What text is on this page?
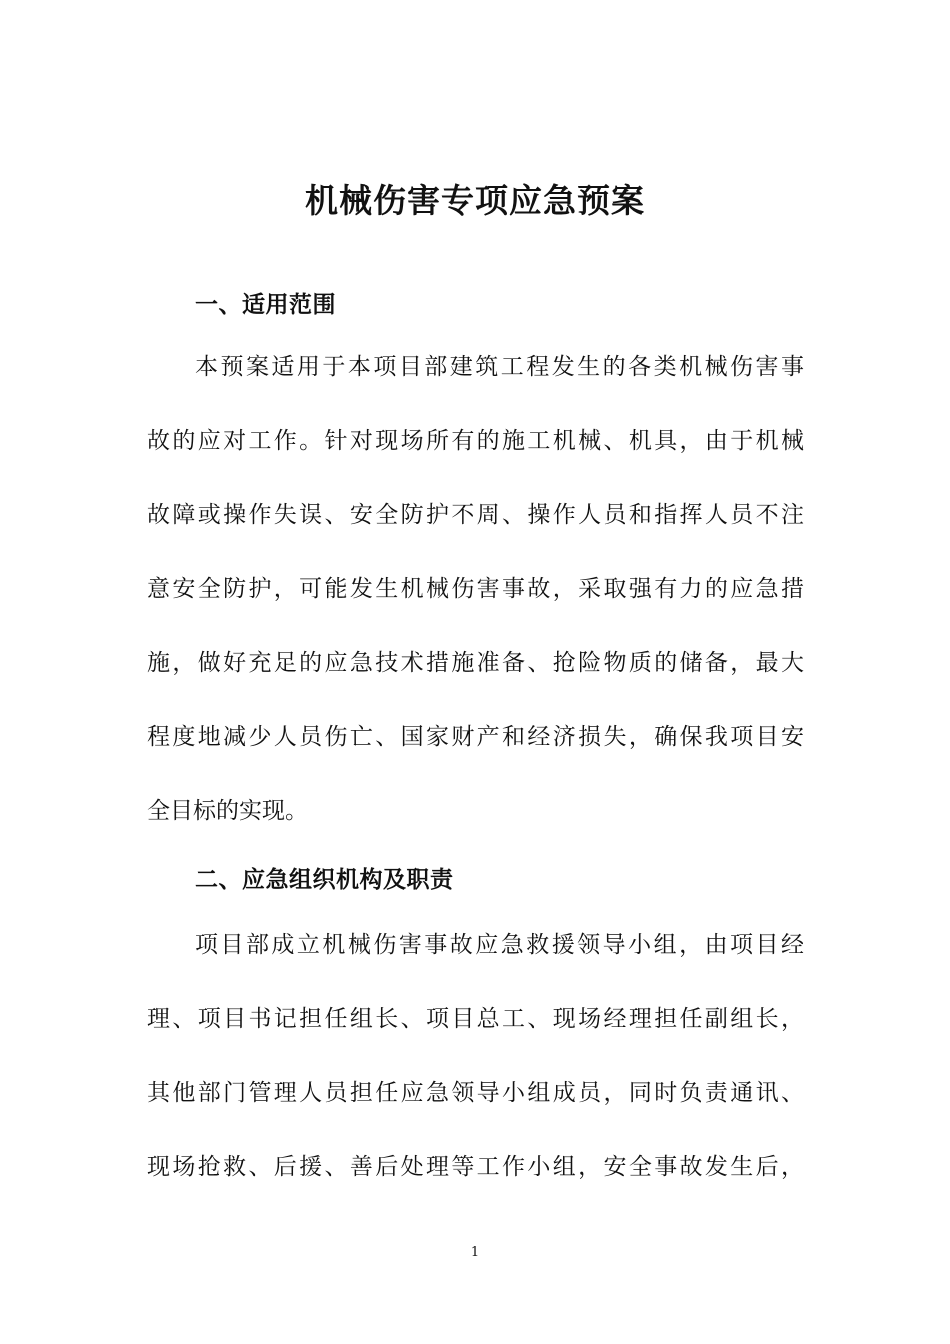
机械伤害专项应急预案
一、适用范围

本预案适用于本项目部建筑工程发生的各类机械伤害事

故的应对工作。针对现场所有的施工机械、机具，由于机械

故障或操作失误、安全防护不周、操作人员和指挥人员不注

意安全防护，可能发生机械伤害事故，采取强有力的应急措

施，做好充足的应急技术措施准备、抢险物质的储备，最大

程度地减少人员伤亡、国家财产和经济损失，确保我项目安

全目标的实现。

二、应急组织机构及职责

项目部成立机械伤害事故应急救援领导小组，由项目经

理、项目书记担任组长、项目总工、现场经理担任副组长，

其他部门管理人员担任应急领导小组成员，同时负责通讯、

现场抢救、后援、善后处理等工作小组，安全事故发生后，

1
